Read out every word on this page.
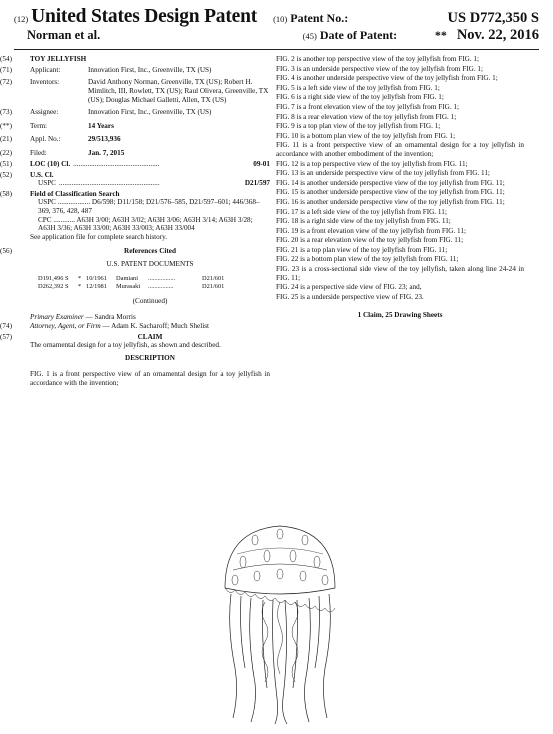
(12) United States Design Patent (10) Patent No.:	US D772,350 S
Norman et al.	(45) Date of Patent:	** Nov. 22, 2016
(54)	TOY JELLYFISH
(71)	Applicant:	Innovation First, Inc., Greenville, TX (US)
(72)	Inventors:	David Anthony Norman, Greenville, TX (US); Robert H. Mimlitch, III, Rowlett, TX (US); Raul Olivera, Greenville, TX (US); Douglas Michael Galletti, Allen, TX (US)
(73)	Assignee:	Innovation First, Inc., Greenville, TX (US)
(**)	Term:	14 Years
(21)	Appl. No.:	29/513,936
(22)	Filed:	Jan. 7, 2015
(51)	LOC (10) Cl. ................................................	09-01
(52)	U.S. Cl.
USPC ........................................................	D21/597
(58)	Field of Classification Search
USPC .................. D6/598; D11/158; D21/576–585, D21/597–601; 446/368–369, 376, 428, 487
CPC ............ A63H 3/00; A63H 3/02; A63H 3/06; A63H 3/14; A63H 3/28; A63H 3/36; A63H 33/00; A63H 33/003; A63H 33/004
See application file for complete search history.
(56)	References Cited
U.S. PATENT DOCUMENTS
D191,496 S	* 10/1961	Damiani	.................	D21/601
D262,392 S	* 12/1981	Murasaki	................	D21/601
(Continued)
Primary Examiner — Sandra Morris
(74)	Attorney, Agent, or Firm — Adam K. Sacharoff; Much Shelist
(57)	CLAIM
The ornamental design for a toy jellyfish, as shown and described.
DESCRIPTION
FIG. 1 is a front perspective view of an ornamental design for a toy jellyfish in accordance with the invention;
FIG. 2 is another top perspective view of the toy jellyfish from FIG. 1;
FIG. 3 is an underside perspective view of the toy jellyfish from FIG. 1;
FIG. 4 is another underside perspective view of the toy jellyfish from FIG. 1;
FIG. 5 is a left side view of the toy jellyfish from FIG. 1;
FIG. 6 is a right side view of the toy jellyfish from FIG. 1;
FIG. 7 is a front elevation view of the toy jellyfish from FIG. 1;
FIG. 8 is a rear elevation view of the toy jellyfish from FIG. 1;
FIG. 9 is a top plan view of the toy jellyfish from FIG. 1;
FIG. 10 is a bottom plan view of the toy jellyfish from FIG. 1;
FIG. 11 is a front perspective view of an ornamental design for a toy jellyfish in accordance with another embodiment of the invention;
FIG. 12 is a top perspective view of the toy jellyfish from FIG. 11;
FIG. 13 is an underside perspective view of the toy jellyfish from FIG. 11;
FIG. 14 is another underside perspective view of the toy jellyfish from FIG. 11;
FIG. 15 is another underside perspective view of the toy jellyfish from FIG. 11;
FIG. 16 is another underside perspective view of the toy jellyfish from FIG. 11;
FIG. 17 is a left side view of the toy jellyfish from FIG. 11;
FIG. 18 is a right side view of the toy jellyfish from FIG. 11;
FIG. 19 is a front elevation view of the toy jellyfish from FIG. 11;
FIG. 20 is a rear elevation view of the toy jellyfish from FIG. 11;
FIG. 21 is a top plan view of the toy jellyfish from FIG. 11;
FIG. 22 is a bottom plan view of the toy jellyfish from FIG. 11;
FIG. 23 is a cross-sectional side view of the toy jellyfish, taken along line 24-24 in FIG. 11;
FIG. 24 is a perspective side view of FIG. 23; and,
FIG. 25 is a underside perspective view of FIG. 23.
1 Claim, 25 Drawing Sheets
